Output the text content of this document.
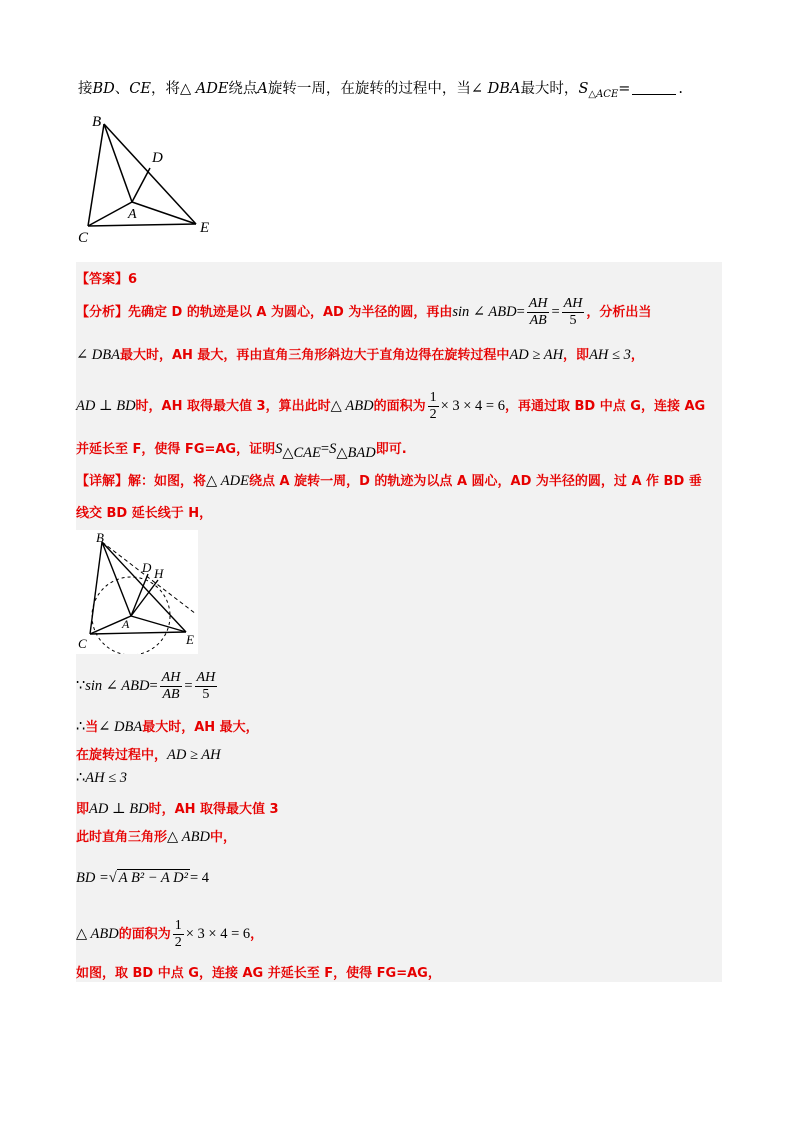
接BD、CE，将△ ADE绕点A旋转一周，在旋转的过程中，当∠ DBA最大时，$S_{\triangle ACE}=$	.
B
D
A
C
E
【答案】6
【分析】先确定 D 的轨迹是以 A 为圆心，AD 为半径的圆，再由sin ∠ $ABD= \frac{AH}{AB} = \frac{AH}{5}$ ，分析出当
∠ DBA最大时，AH 最大，再由直角三角形斜边大于直角边得在旋转过程中AD ≥ AH，即AH ≤ 3，
AD ⊥ BD时，AH 取得最大值 3，算出此时△ ABD的面积为 $\frac{1}{2} \times 3 \times 4 = 6$，再通过取 BD 中点 G，连接 AG
并延长至 F，使得 FG=AG，证明S△CAE=S△BAD即可.
【详解】解：如图，将△ ADE绕点 A 旋转一周，D 的轨迹为以点 A 圆心，AD 为半径的圆，过 A 作 BD 垂
线交 BD 延长线于 H，
B
D H
A
C	E
∵sin ∠ $ABD= \frac{AH}{AB} = \frac{AH}{5}$
∴当∠ DBA最大时，AH 最大，
在旋转过程中，AD ≥ AH
∴AH ≤ 3
即AD ⊥ BD时，AH 取得最大值 3
此时直角三角形△ ABD中，
BD =√ A B² − A D² = 4
△ ABD的面积为 $\frac{1}{2} \times 3 \times 4 = 6$，
如图，取 BD 中点 G，连接 AG 并延长至 F，使得 FG=AG，
